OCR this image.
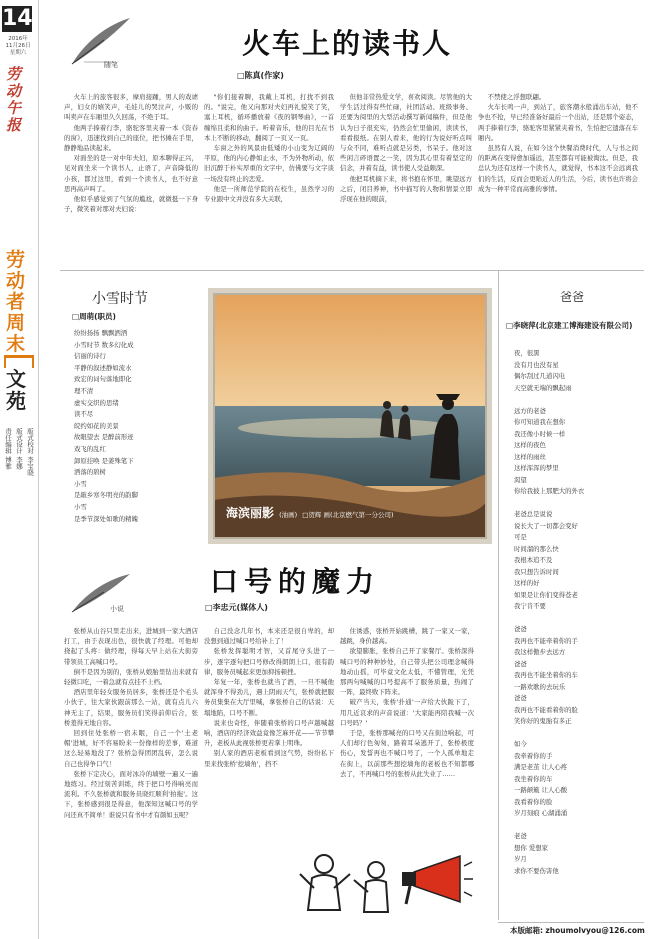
14
2016年
11月26日
星期六
劳动午报
劳动者周末
文苑
版式校对 李宝晓
版式设计 李娜
责任编辑 博雅
随笔
火车上的读书人
□陈真(作家)

火车上的旅客很多，摩肩接踵，男人的戏谑声，妇女的嬉笑声，毛娃儿的哭泣声，小贩的叫卖声在车厢里久久回荡，不绝于耳。

他两手捧着行李，骆驼客里夹着一本《资春的窗》，迅速找到自己的座位，把书摊在手里，静静地品读起来。

对面坐的是一对中年夫妇，原本聊得正兴，见对面坐来一个读书人，止语了，声音降低的小孩，都过这里，看到一个读书人，也不好意思再高声叫了。

他似乎感觉到了气氛的尴尬，就微挺一下身子，微笑着对那对夫妇说：

"你们接着聊，我戴上耳机，打扰不到我的。"说完，他又向那对夫妇再礼貌笑了笑，塞上耳机，循环播放着《夜的钢琴曲》，一首缠绵且柔和的曲子。听着音乐，他的目光在书本上不断的移动，翻阅了一页又一页。

车窗之外的风景由低矮的小山变为辽阔的平原，他的内心静如止水，不为外物所动，依旧沉醉于朴实厚重的文字中，仿佛要与文字谈一场没有终止的恋爱。

他是一所师范学院的在校生，虽然学习的专业跟中文并没有多大关联，

但他非常热爱文学，喜欢阅读。尽管他的大学生活过得有些忙碌，社团活动、班级事务、还要为阅里的大型活动撰写新闻稿件，但是他认为日子很充实，仍然会忙里偷闲，读读书，看看报纸。在别人看来，他的行为说好听点叫与众不同，难听点就是另类，书呆子。他对这些闲言碎语置之一笑，因为其心里有着坚定的信念，并着有益，读书使人受益颇深。

他把耳机摘下来，将书抱在怀里，眺望远方之后，闭目养神，书中描写的人物和情景立即浮现在他的眼前，

不禁使之浮想联翩。

火车长鸣一声，到站了，旅客潮水般涌出车站，他不争也不抢，早已经准备好最后一个出站，还是那个姿态，两手捧着行李，骆驼客里紧紧夹着书，生怕把它遗落在车厢内。

虽然有人说，在如今这个快餐消费时代，人与书之间的距离在变得愈加遥远，甚至都有可能被淘汰。但是，我总认为还有这样一个读书人，就觉得，书本这不会远离我们的生活，反而会更贴近人的生活，今后，读书也许将会成为一种平常而高雅的事情。

小雪时节
□周萌(职员)
纷纷扬扬 飘飘洒洒
小雪时节 数多幻化成
信丽的诗行
平静的叙述静如流水
致宏的词句落地即化
理不清
虚实交织的思绪
读不尽
皖约如花的美景
故眼望去 是醉前形迹
戏飞的乱红
卸原挂唤 是姜殊笔下
洒落的碧树
小雪
是敲乡寒冬明亮的韵脚
小雪
是季节深处如歌的精魄	海滨丽影 (油画) □贺辉 画(北京燃气第一分公司)
小说
口号的魔力
□李忠元(媒体人)

张桥从山谷只里走出来，进城到一家大酒店打工，由于表现出色，很快就了经理。可他却挠起了头疼：做经理，得每天早上站在大街旁带领员工高喊口号。

倒不是因为别的，张桥从娘胎里钻出来就有轻微口吃，一着急就有点挂不上档。

酒店里年轻女服务员居多，张桥还是个毛头小伙子，往大家伙跟前那么一站，就有点儿六神无主了，结果，服务员们笑得前仰后合，张桥羞得无地自容。

回到住处张桥一宿未眠，自己一个'土老帽'进城，好不容易盼来一份像样的差事，难道这么轻易地没了？张桥急得团团乱转，怎么说自己也得争口气！

张桥下定决心，面对冰冷的墙壁一遍又一遍地练习。经过刻苦训练，终于把口号得响亮而流利。不久张桥就和服务员晓红顺利'拍拖'。这下，张桥感到很是得意，他深知这喊口号的学问还真不简单！谁说只有书中才有颜如玉呢？

自己没念几年书，本来还是很自卑的，却没想到通过喊口号给补上了！

张桥发挥聪明才智，又首尾守头进了一步，逐字逐句把口号修改得朗朗上口，很有韵律，服务员喊起来更加抑扬顿挫。

年复一年，张桥也就当了酒，一旦不喊他就浑身不得劲儿，遇上阴雨天气，张桥就把服务员集集在大厅里喊，拿张桥自己的话说：天塌地陷，口号不断。

说来也奇怪，伴随着张桥的口号声越喊越响，酒店的经济效益竟像芝麻开花——节节攀升，老板从此视张桥更若掌上明珠。

别人家的酒店老板看到这气势，纷纷私下里来找张桥'挖墙角'，挡不

住诱惑，张桥开始跳槽，跳了一家又一家，越跳，身价越高。

欲望膨胀，张桥自己开了家餐厅。张桥深得喊口号的种种妙处，自己带头把公司理念喊得地动山摇，可毕竟文化太低，不懂管理，光凭那两句喊喊的口号提高不了服务质量，热闹了一阵，最终败下阵来。

破产当天，张桥'扑通'一声给大伙跪下了，用几近哀求的声音说道：'大家能再陪我喊一次口号吗？'

于是，张桥那喊亮的口号又在街边响起，可人们却行色匆匆，路着耳朵逃开了，张桥极度伤心，发誓再也不喊口号了，一个人孤单地走在街上，以前那些想挖墙角的老板也不知都哪去了，不再喊口号的张桥从此失业了……

爸爸
□李晓萍(北京建工博海建设有限公司)
夜，很黑
没有月也没有星
偶尔刮过几道闪电
天空就无端的飘起雨

远方的老爸
你可知道我在想你
我还像小时候一样
这样的夜色
这样的雨丝
这样浑浑的梦里
渴望
你给我披上那肥大的外衣

老爸总是说说
说长大了一切都会变好
可是
时间溜的那么快
我根本追不及
我只想告诉时间
这样的好
如果是让你们变得苍老
我宁肯不要

爸爸
我再也不能牵着你的手
我这样傲步去远方
爸爸
我再也不能坐着你的车
一路欢歌的去玩乐
爸爸
我再也不能看着你的脸
笑你好的鬼胎有多正

如今
我牵着你的手
满是老茧 让人心疼
我坐着你的车
一路颠簸 让人心酸
我看着你的脸
岁月刻痕 心湖涌涌

老爸
想你 爱想家
岁月
求你不要伤害他
本版邮箱: zhoumolvyou@126.com
